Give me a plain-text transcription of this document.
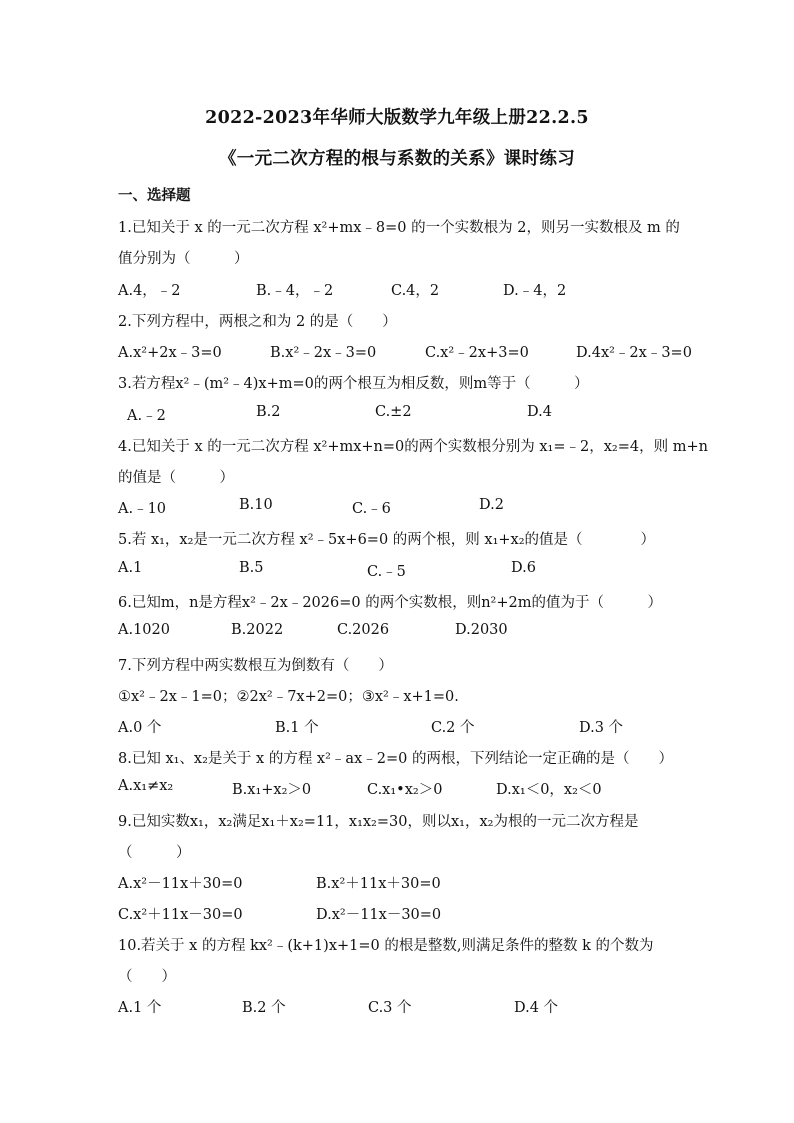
2022-2023年华师大版数学九年级上册22.2.5
《一元二次方程的根与系数的关系》课时练习
一、选择题
1.已知关于 x 的一元二次方程 x²+mx﹣8=0 的一个实数根为 2，则另一实数根及 m 的
值分别为（　　　）
A.4，﹣2	B.﹣4，﹣2	C.4，2	D.﹣4，2
2.下列方程中，两根之和为 2 的是（　　）
A.x²+2x﹣3=0	B.x²﹣2x﹣3=0	C.x²﹣2x+3=0	D.4x²﹣2x﹣3=0
3.若方程x²﹣(m²﹣4)x+m=0的两个根互为相反数，则m等于（　　　）
A.﹣2	B.2	C.±2	D.4
4.已知关于 x 的一元二次方程 x²+mx+n=0的两个实数根分别为 x₁=﹣2，x₂=4，则 m+n
的值是（　　　）
A.﹣10	B.10	C.﹣6	D.2
5.若 x₁，x₂是一元二次方程 x²﹣5x+6=0 的两个根，则 x₁+x₂的值是（　　　　）
A.1	B.5	C.﹣5	D.6
6.已知m，n是方程x²﹣2x﹣2026=0 的两个实数根，则n²+2m的值为于（　　　）
A.1020	B.2022	C.2026	D.2030
7.下列方程中两实数根互为倒数有（　　）
①x²﹣2x﹣1=0；②2x²﹣7x+2=0；③x²﹣x+1=0.
A.0 个	B.1 个	C.2 个	D.3 个
8.已知 x₁、x₂是关于 x 的方程 x²﹣ax﹣2=0 的两根，下列结论一定正确的是（　　）
A.x₁≠x₂	B.x₁+x₂＞0	C.x₁•x₂＞0	D.x₁＜0，x₂＜0
9.已知实数x₁，x₂满足x₁＋x₂=11，x₁x₂=30，则以x₁，x₂为根的一元二次方程是
（　　　）
A.x²－11x＋30=0	B.x²＋11x＋30=0
C.x²＋11x－30=0	D.x²－11x－30=0
10.若关于 x 的方程 kx²﹣(k+1)x+1=0 的根是整数,则满足条件的整数 k 的个数为
（　　）
A.1 个	B.2 个	C.3 个	D.4 个
